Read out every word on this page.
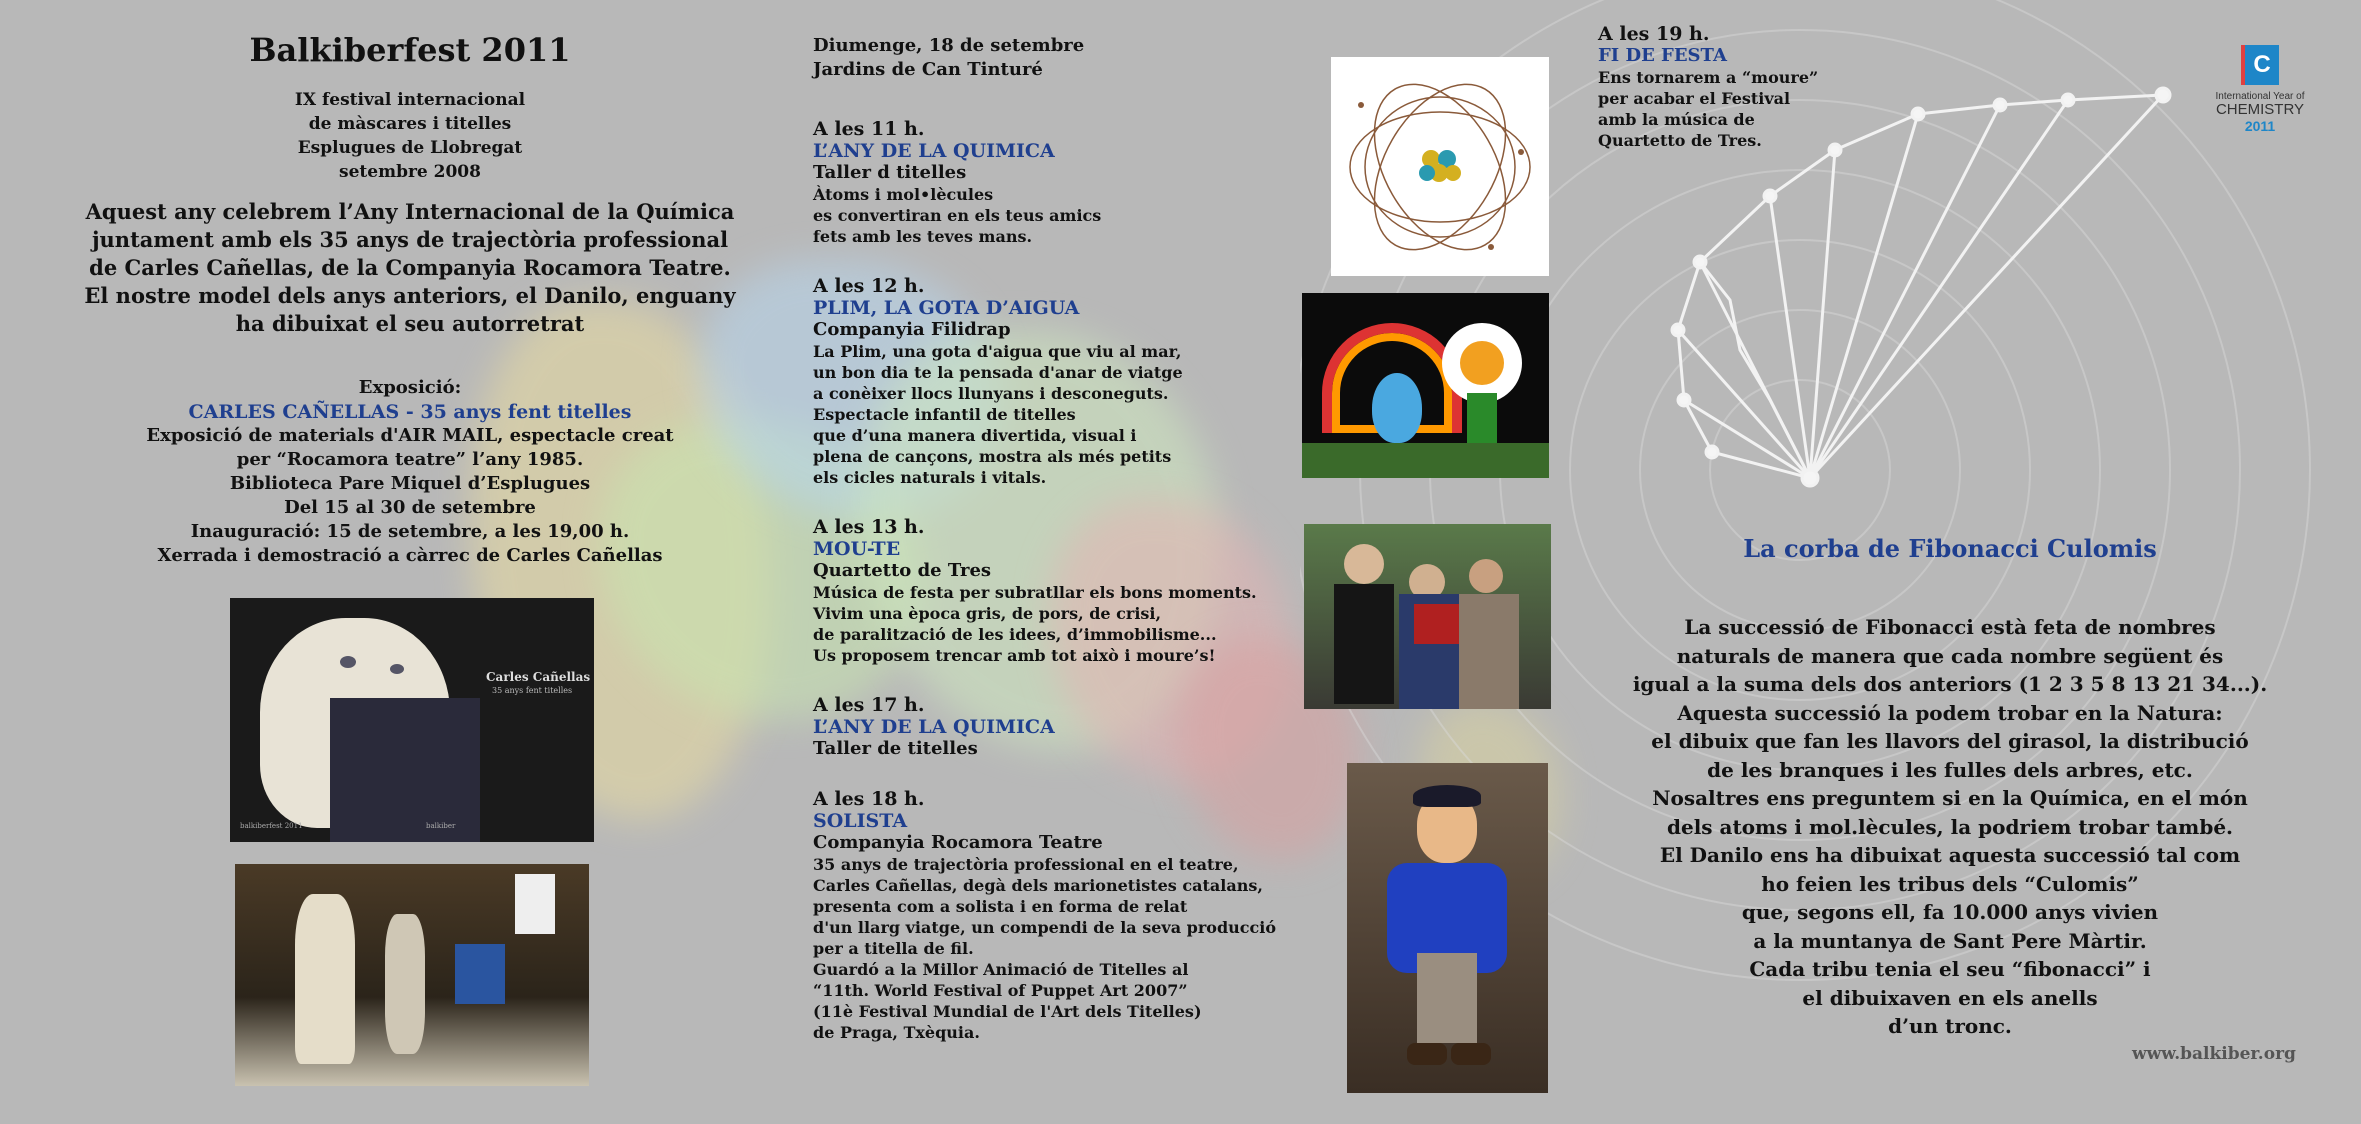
Balkiberfest 2011
IX festival internacional
de màscares i titelles
Esplugues de Llobregat
setembre 2008
Aquest any celebrem l’Any Internacional de la Química
juntament amb els 35 anys de trajectòria professional
de Carles Cañellas, de la Companyia Rocamora Teatre.
El nostre model dels anys anteriors, el Danilo, enguany
ha dibuixat el seu autorretrat
Exposició:
CARLES CAÑELLAS - 35 anys fent titelles
Exposició de materials d'AIR MAIL, espectacle creat
per “Rocamora teatre” l’any 1985.
Biblioteca Pare Miquel d’Esplugues
Del 15 al 30 de setembre
Inauguració: 15 de setembre, a les 19,00 h.
Xerrada i demostració a càrrec de Carles Cañellas
Carles Cañellas
35 anys fent titelles
balkiberfest 2011	balkiber
Diumenge, 18 de setembre
Jardins de Can Tinturé
A les 11 h.
L’ANY DE LA QUIMICA
Taller d titelles
Àtoms i mol•lècules
es convertiran en els teus amics
fets amb les teves mans.
A les 12 h.
PLIM, LA GOTA D’AIGUA
Companyia Filidrap
La Plim, una gota d'aigua que viu al mar,
un bon dia te la pensada d'anar de viatge
a conèixer llocs llunyans i desconeguts.
Espectacle infantil de titelles
que d’una manera divertida, visual i
plena de cançons, mostra als més petits
els cicles naturals i vitals.
A les 13 h.
MOU-TE
Quartetto de Tres
Música de festa per subratllar els bons moments.
Vivim una època gris, de pors, de crisi,
de paralització de les idees, d’immobilisme...
Us proposem trencar amb tot això i moure’s!
A les 17 h.
L’ANY DE LA QUIMICA
Taller de titelles
A les 18 h.
SOLISTA
Companyia Rocamora Teatre
35 anys de trajectòria professional en el teatre,
Carles Cañellas, degà dels marionetistes catalans,
presenta com a solista i en forma de relat
d'un llarg viatge, un compendi de la seva producció
per a titella de fil.
Guardó a la Millor Animació de Titelles al
“11th. World Festival of Puppet Art 2007”
(11è Festival Mundial de l'Art dels Titelles)
de Praga, Txèquia.
A les 19 h.
FI DE FESTA
Ens tornarem a “moure”
per acabar el Festival
amb la música de
Quartetto de Tres.
C
International Year of
CHEMISTRY
2011
La corba de Fibonacci Culomis
La successió de Fibonacci està feta de nombres
naturals de manera que cada nombre següent és
igual a la suma dels dos anteriors (1 2 3 5 8 13 21 34...).
Aquesta successió la podem trobar en la Natura:
el dibuix que fan les llavors del girasol, la distribució
de les branques i les fulles dels arbres, etc.
Nosaltres ens preguntem si en la Química, en el món
dels atoms i mol.lècules, la podriem trobar també.
El Danilo ens ha dibuixat aquesta successió tal com
ho feien les tribus dels “Culomis”
que, segons ell, fa 10.000 anys vivien
a la muntanya de Sant Pere Màrtir.
Cada tribu tenia el seu “fibonacci” i
el dibuixaven en els anells
d’un tronc.
www.balkiber.org
